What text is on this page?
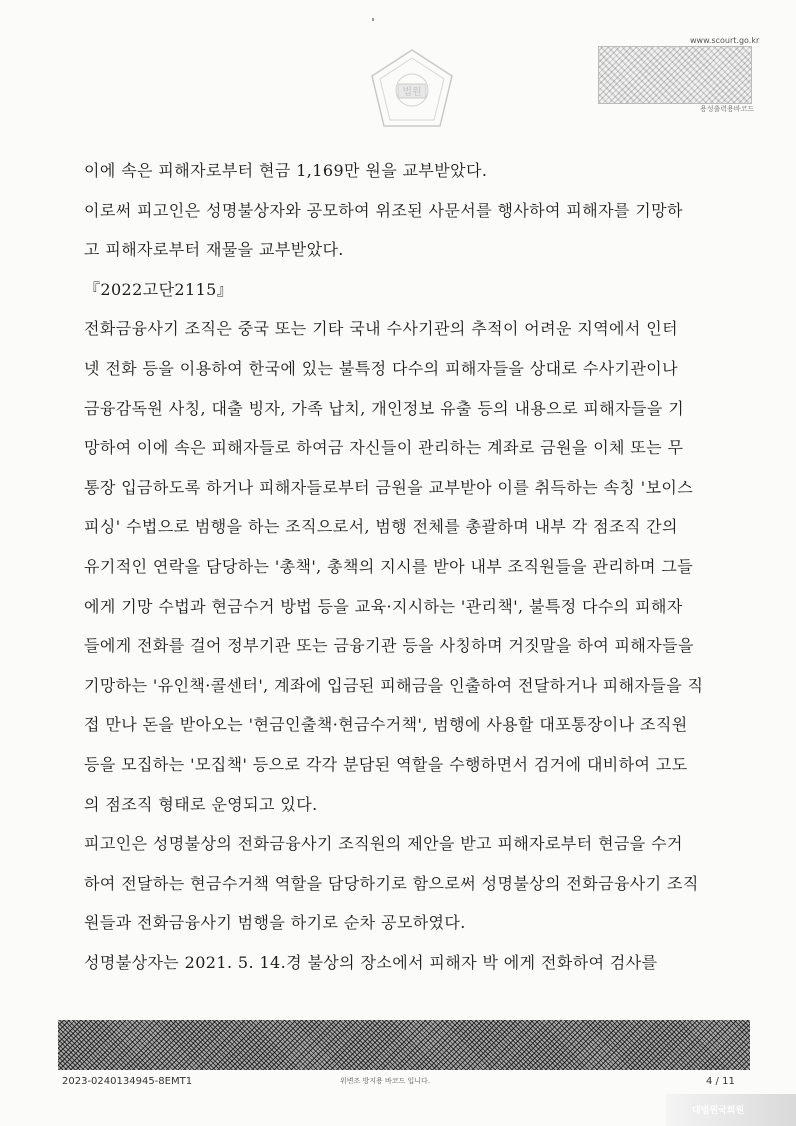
법원
www.scourt.go.kr
용성출력용바코드
이에 속은 피해자로부터 현금 1,169만 원을 교부받았다.
이로써 피고인은 성명불상자와 공모하여 위조된 사문서를 행사하여 피해자를 기망하
고 피해자로부터 재물을 교부받았다.
『2022고단2115』
전화금융사기 조직은 중국 또는 기타 국내 수사기관의 추적이 어려운 지역에서 인터
넷 전화 등을 이용하여 한국에 있는 불특정 다수의 피해자들을 상대로 수사기관이나
금융감독원 사칭, 대출 빙자, 가족 납치, 개인정보 유출 등의 내용으로 피해자들을 기
망하여 이에 속은 피해자들로 하여금 자신들이 관리하는 계좌로 금원을 이체 또는 무
통장 입금하도록 하거나 피해자들로부터 금원을 교부받아 이를 취득하는 속칭 '보이스
피싱' 수법으로 범행을 하는 조직으로서, 범행 전체를 총괄하며 내부 각 점조직 간의
유기적인 연락을 담당하는 '총책', 총책의 지시를 받아 내부 조직원들을 관리하며 그들
에게 기망 수법과 현금수거 방법 등을 교육·지시하는 '관리책', 불특정 다수의 피해자
들에게 전화를 걸어 정부기관 또는 금융기관 등을 사칭하며 거짓말을 하여 피해자들을
기망하는 '유인책·콜센터', 계좌에 입금된 피해금을 인출하여 전달하거나 피해자들을 직
접 만나 돈을 받아오는 '현금인출책·현금수거책', 범행에 사용할 대포통장이나 조직원
등을 모집하는 '모집책' 등으로 각각 분담된 역할을 수행하면서 검거에 대비하여 고도
의 점조직 형태로 운영되고 있다.
피고인은 성명불상의 전화금융사기 조직원의 제안을 받고 피해자로부터 현금을 수거
하여 전달하는 현금수거책 역할을 담당하기로 함으로써 성명불상의 전화금융사기 조직
원들과 전화금융사기 범행을 하기로 순차 공모하였다.
성명불상자는 2021. 5. 14.경 불상의 장소에서 피해자 박 에게 전화하여 검사를
2023-0240134945-8EMT1	위변조 방지용 바코드 입니다.	4 / 11
대법원국회원
